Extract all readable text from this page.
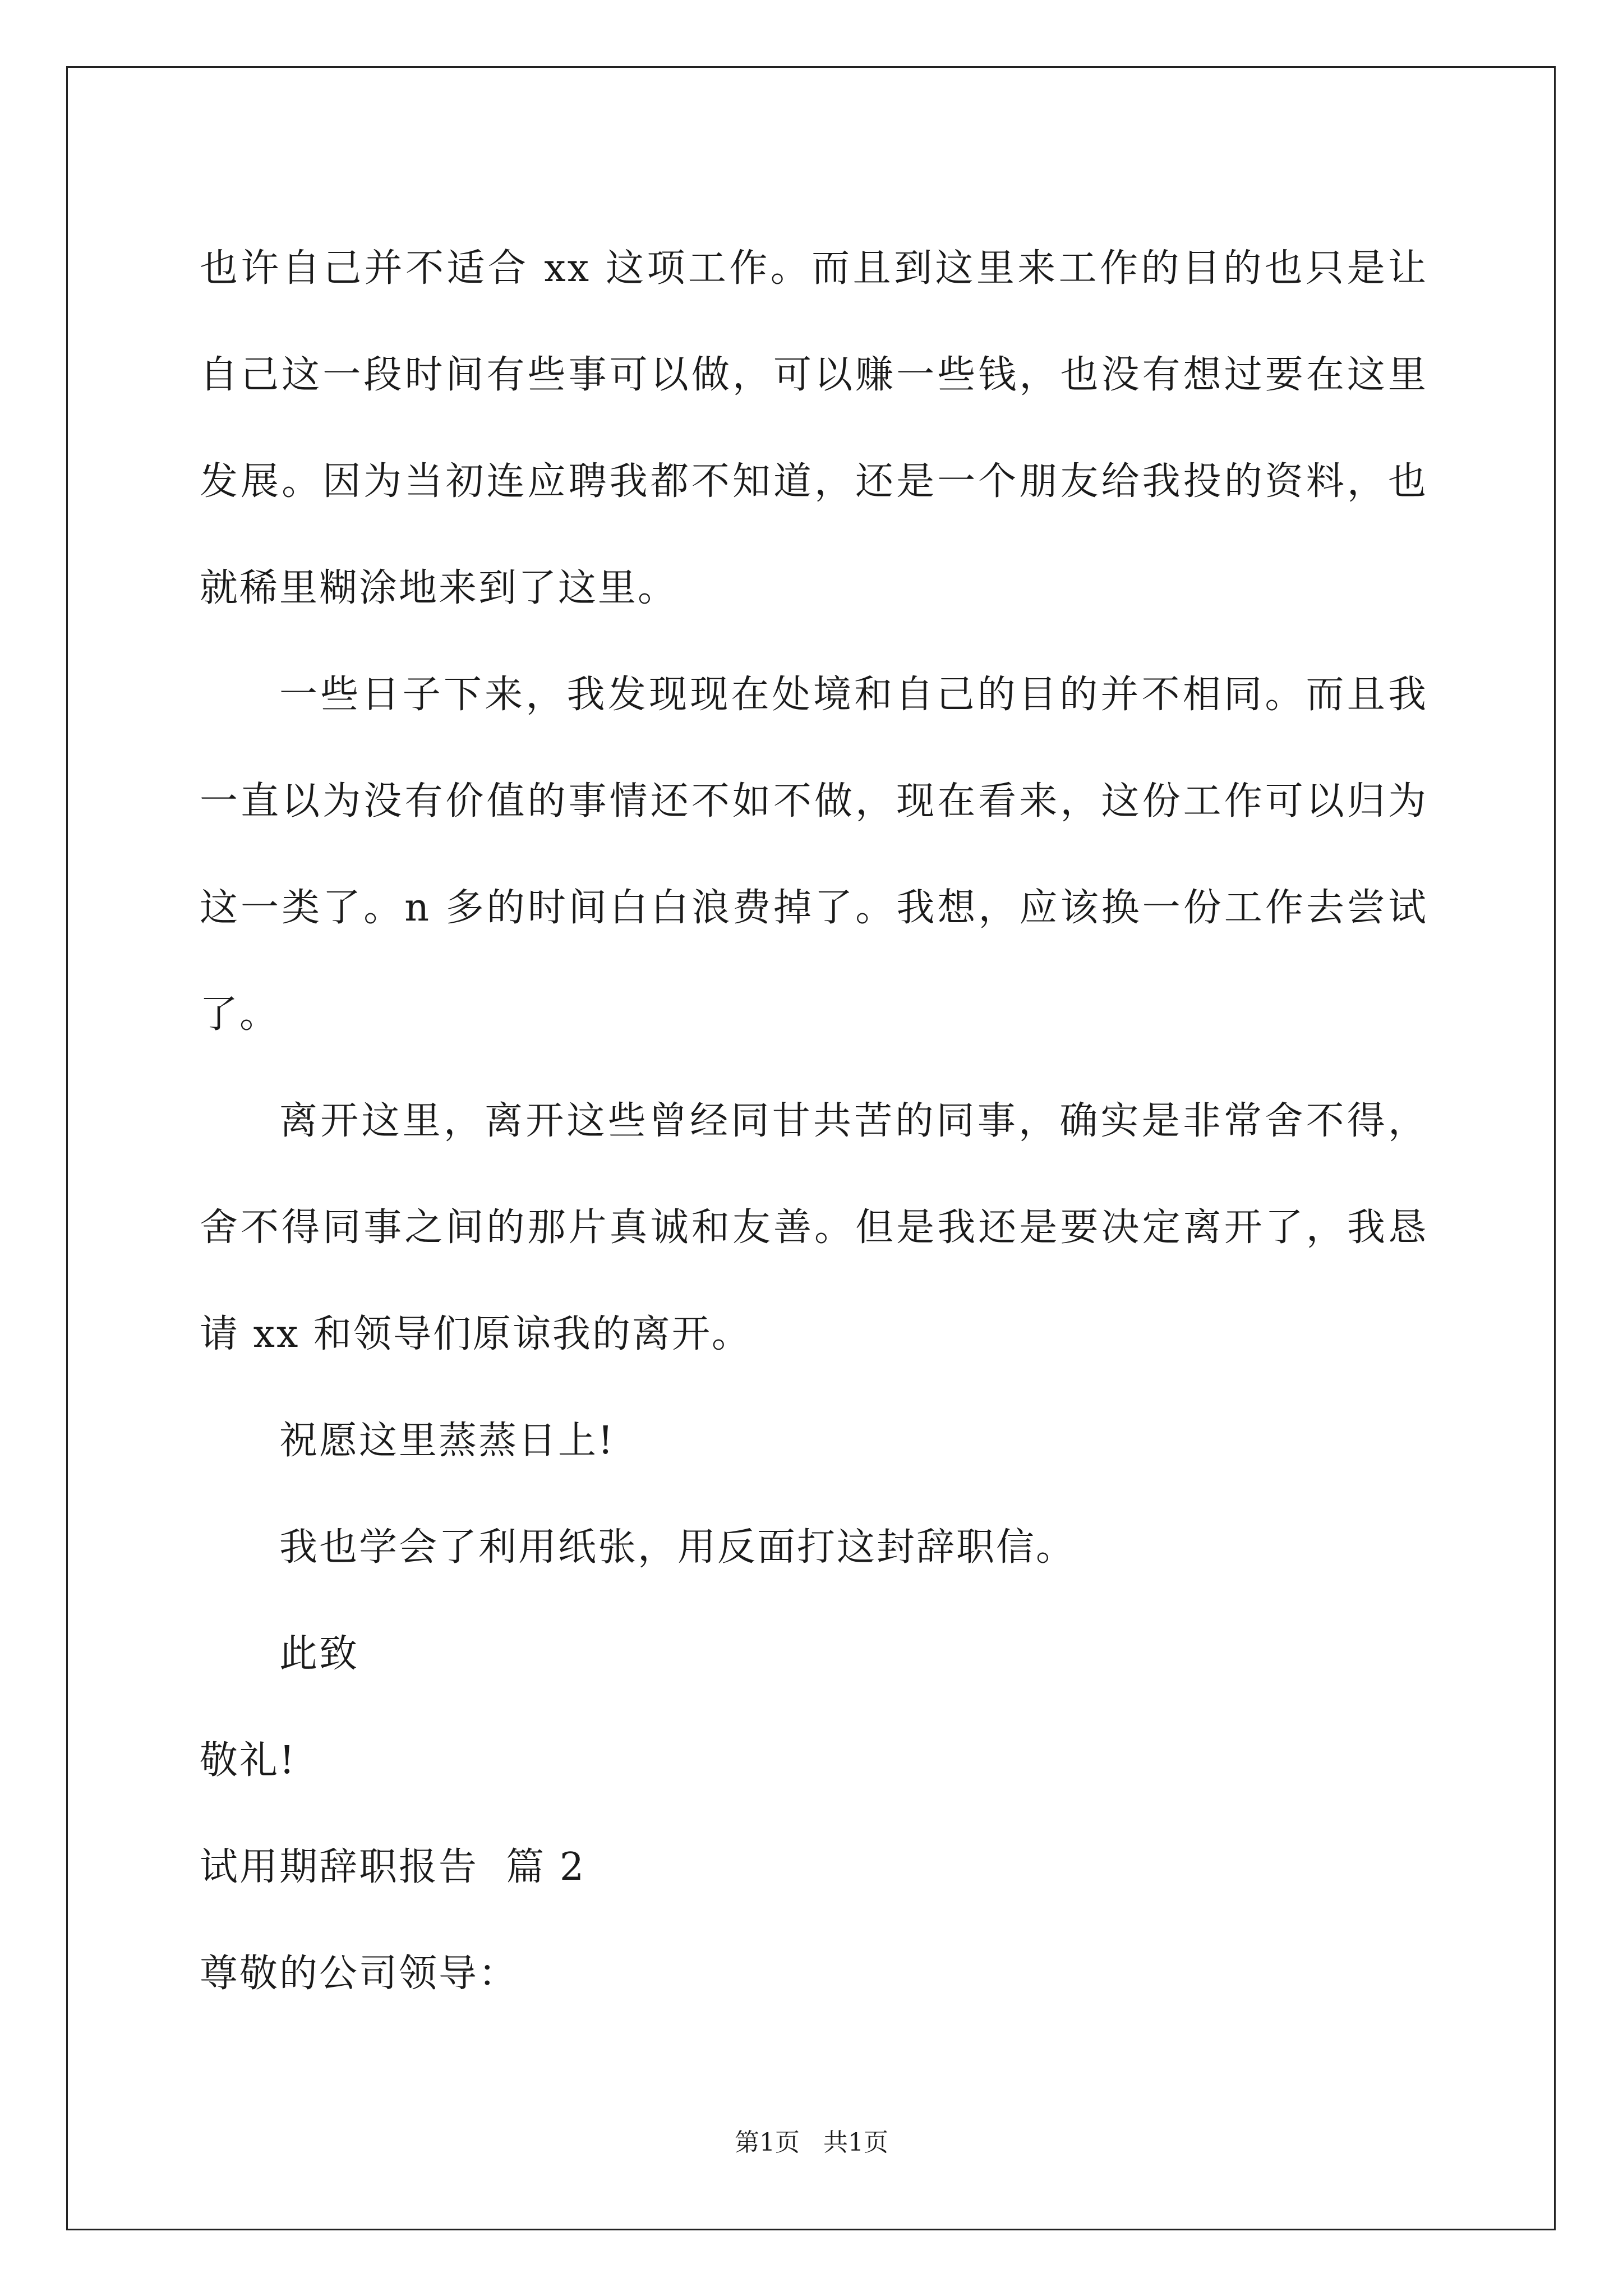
也许自己并不适合 xx 这项工作。而且到这里来工作的目的也只是让自己这一段时间有些事可以做，可以赚一些钱，也没有想过要在这里发展。因为当初连应聘我都不知道，还是一个朋友给我投的资料，也就稀里糊涂地来到了这里。

一些日子下来，我发现现在处境和自己的目的并不相同。而且我一直以为没有价值的事情还不如不做，现在看来，这份工作可以归为这一类了。n 多的时间白白浪费掉了。我想，应该换一份工作去尝试了。

离开这里，离开这些曾经同甘共苦的同事，确实是非常舍不得，舍不得同事之间的那片真诚和友善。但是我还是要决定离开了，我恳请 xx 和领导们原谅我的离开。

祝愿这里蒸蒸日上!

我也学会了利用纸张，用反面打这封辞职信。

此致

敬礼!

试用期辞职报告  篇 2

尊敬的公司领导：

第1页   共1页
